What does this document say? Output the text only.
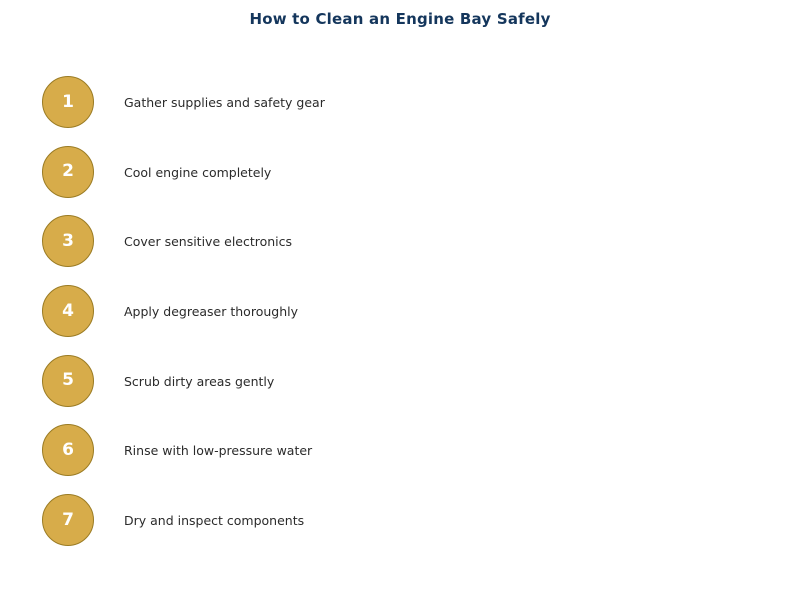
How to Clean an Engine Bay Safely
1	Gather supplies and safety gear
2	Cool engine completely
3	Cover sensitive electronics
4	Apply degreaser thoroughly
5	Scrub dirty areas gently
6	Rinse with low-pressure water
7	Dry and inspect components
